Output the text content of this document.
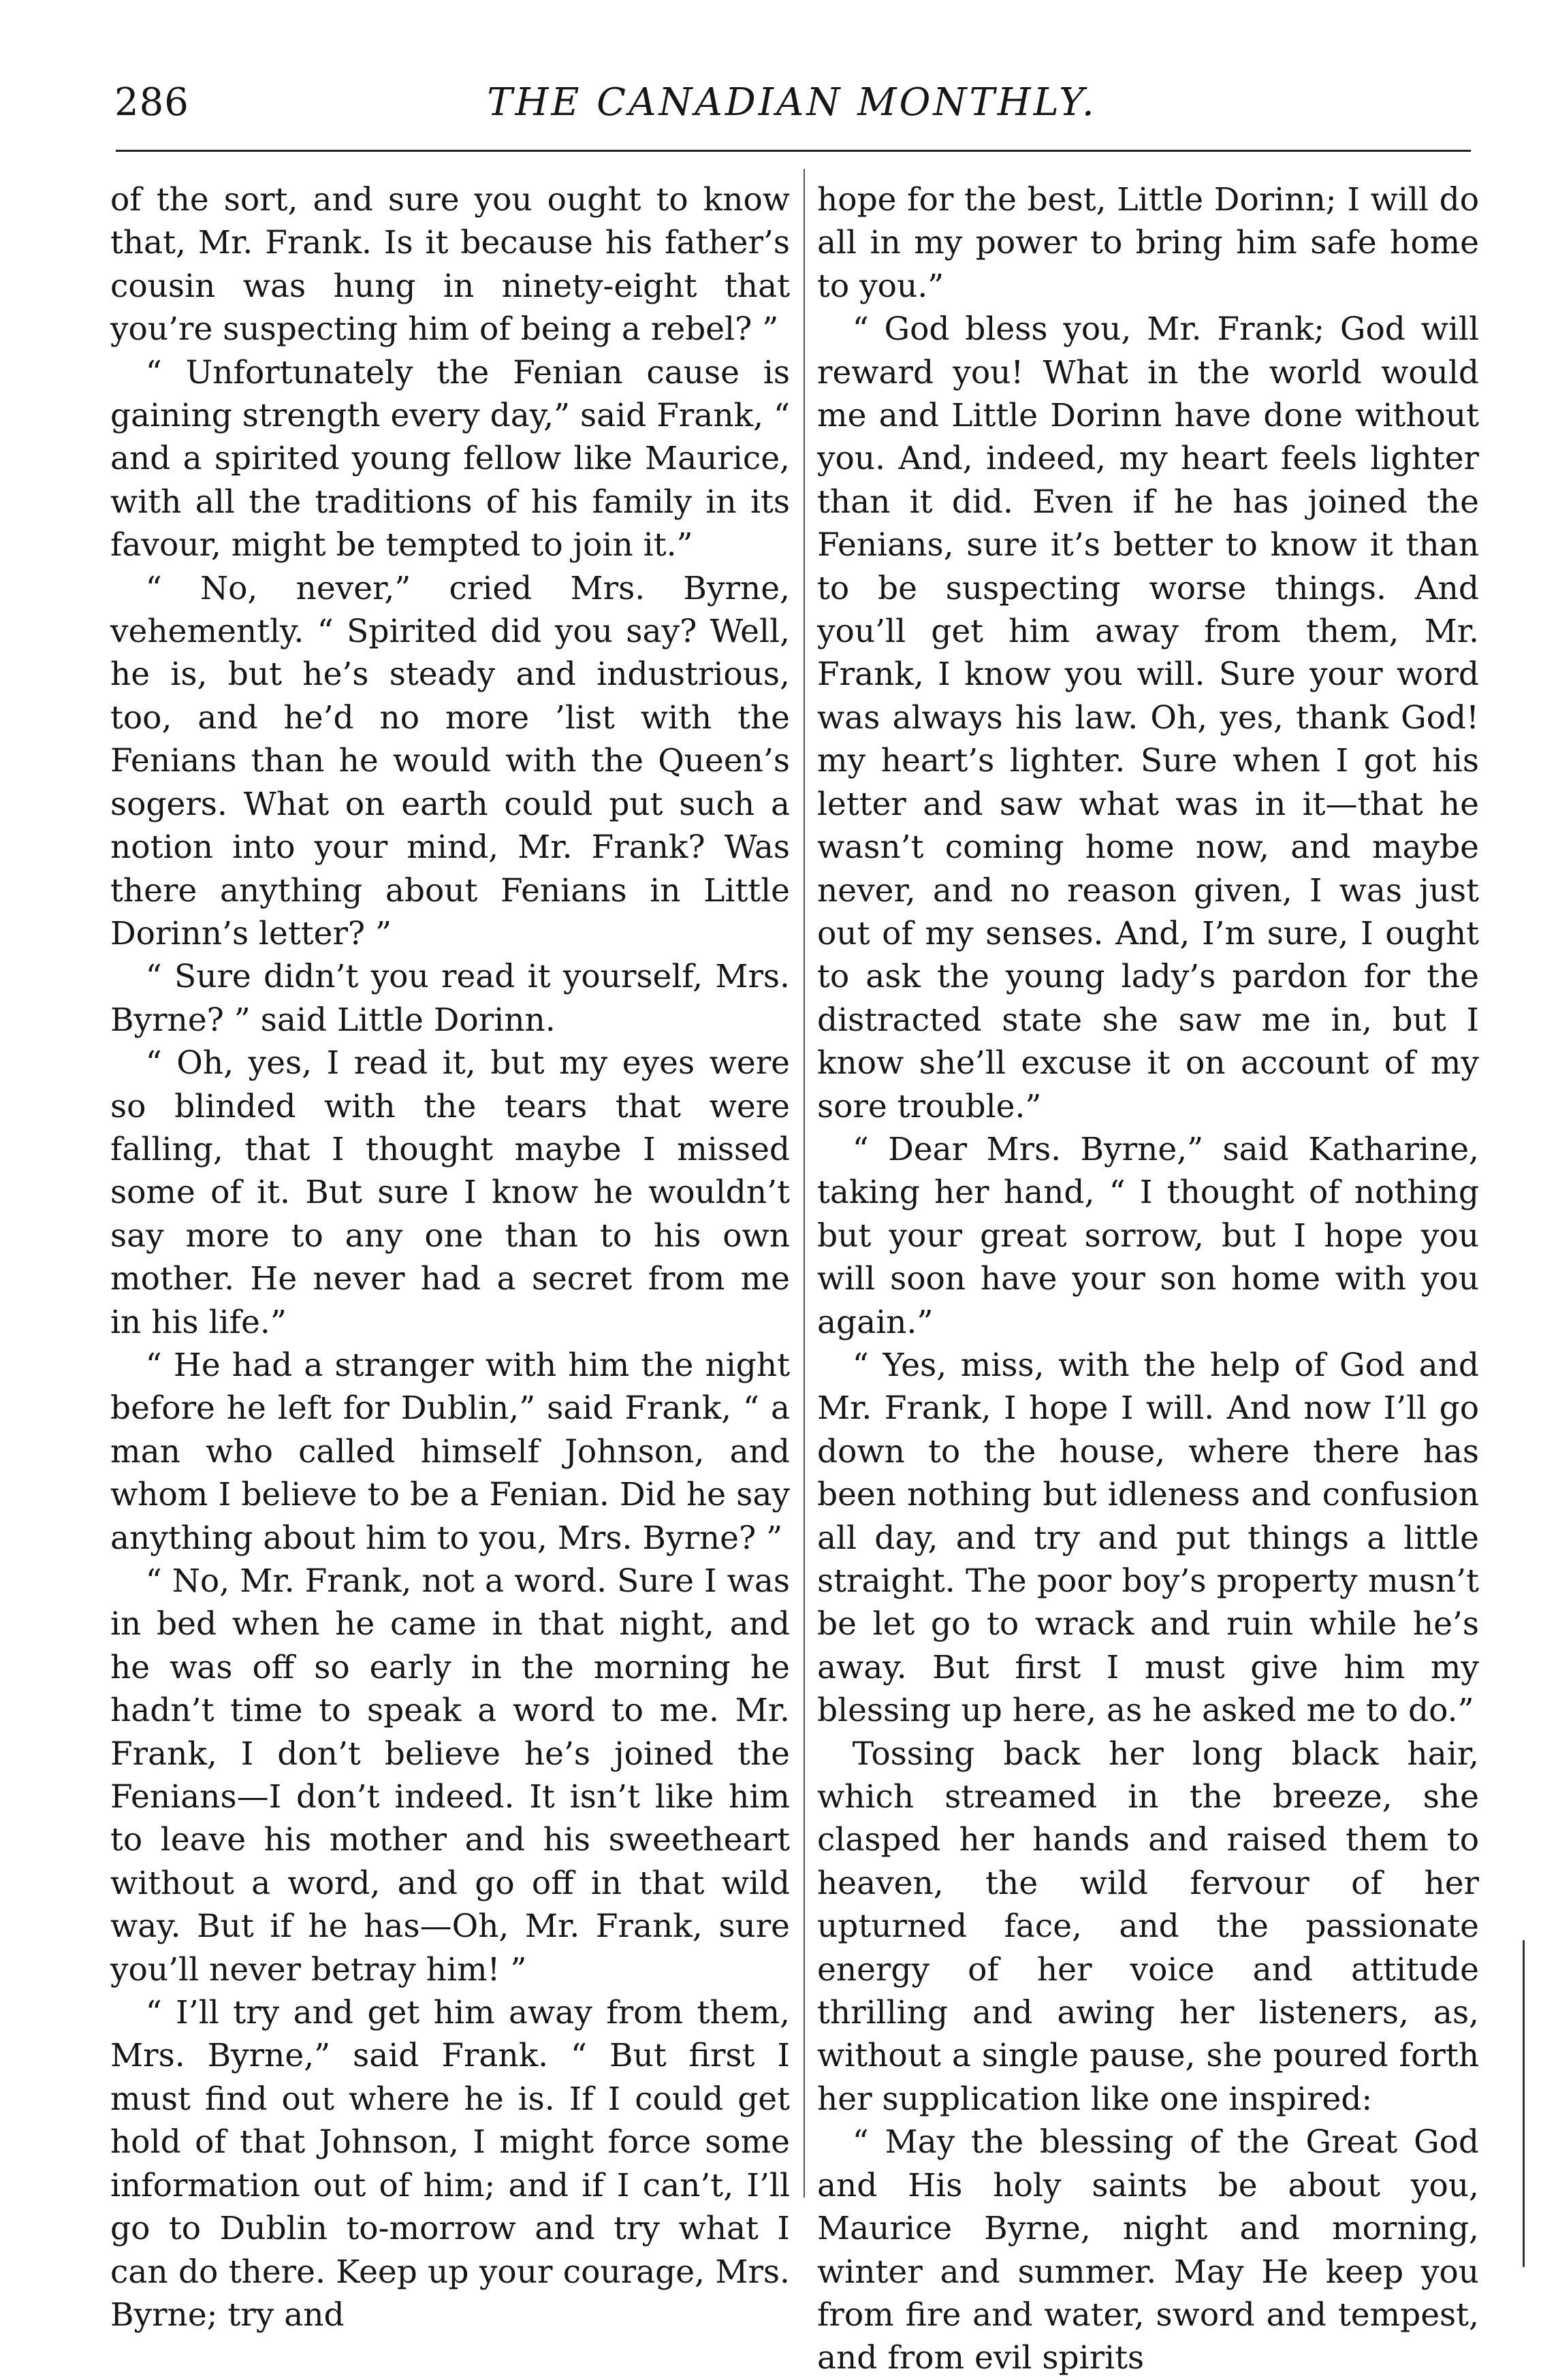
286	THE CANADIAN MONTHLY.

of the sort, and sure you ought to know that, Mr. Frank. Is it because his father’s cousin was hung in ninety-eight that you’re suspecting him of being a rebel? ”

“ Unfortunately the Fenian cause is gaining strength every day,” said Frank, “ and a spirited young fellow like Maurice, with all the traditions of his family in its favour, might be tempted to join it.”

“ No, never,” cried Mrs. Byrne, vehemently. “ Spirited did you say? Well, he is, but he’s steady and industrious, too, and he’d no more ’list with the Fenians than he would with the Queen’s sogers. What on earth could put such a notion into your mind, Mr. Frank? Was there anything about Fenians in Little Dorinn’s letter? ”

“ Sure didn’t you read it yourself, Mrs. Byrne? ” said Little Dorinn.

“ Oh, yes, I read it, but my eyes were so blinded with the tears that were falling, that I thought maybe I missed some of it. But sure I know he wouldn’t say more to any one than to his own mother. He never had a secret from me in his life.”

“ He had a stranger with him the night before he left for Dublin,” said Frank, “ a man who called himself Johnson, and whom I believe to be a Fenian. Did he say anything about him to you, Mrs. Byrne? ”

“ No, Mr. Frank, not a word. Sure I was in bed when he came in that night, and he was off so early in the morning he hadn’t time to speak a word to me. Mr. Frank, I don’t believe he’s joined the Fenians—I don’t indeed. It isn’t like him to leave his mother and his sweetheart without a word, and go off in that wild way. But if he has—Oh, Mr. Frank, sure you’ll never betray him! ”

“ I’ll try and get him away from them, Mrs. Byrne,” said Frank. “ But first I must find out where he is. If I could get hold of that Johnson, I might force some information out of him; and if I can’t, I’ll go to Dublin to-morrow and try what I can do there. Keep up your courage, Mrs. Byrne; try and

hope for the best, Little Dorinn; I will do all in my power to bring him safe home to you.”

“ God bless you, Mr. Frank; God will reward you! What in the world would me and Little Dorinn have done without you. And, indeed, my heart feels lighter than it did. Even if he has joined the Fenians, sure it’s better to know it than to be suspecting worse things. And you’ll get him away from them, Mr. Frank, I know you will. Sure your word was always his law. Oh, yes, thank God! my heart’s lighter. Sure when I got his letter and saw what was in it—that he wasn’t coming home now, and maybe never, and no reason given, I was just out of my senses. And, I’m sure, I ought to ask the young lady’s pardon for the distracted state she saw me in, but I know she’ll excuse it on account of my sore trouble.”

“ Dear Mrs. Byrne,” said Katharine, taking her hand, “ I thought of nothing but your great sorrow, but I hope you will soon have your son home with you again.”

“ Yes, miss, with the help of God and Mr. Frank, I hope I will. And now I’ll go down to the house, where there has been nothing but idleness and confusion all day, and try and put things a little straight. The poor boy’s property musn’t be let go to wrack and ruin while he’s away. But first I must give him my blessing up here, as he asked me to do.”

Tossing back her long black hair, which streamed in the breeze, she clasped her hands and raised them to heaven, the wild fervour of her upturned face, and the passionate energy of her voice and attitude thrilling and awing her listeners, as, without a single pause, she poured forth her supplication like one inspired:

“ May the blessing of the Great God and His holy saints be about you, Maurice Byrne, night and morning, winter and summer. May He keep you from fire and water, sword and tempest, and from evil spirits
